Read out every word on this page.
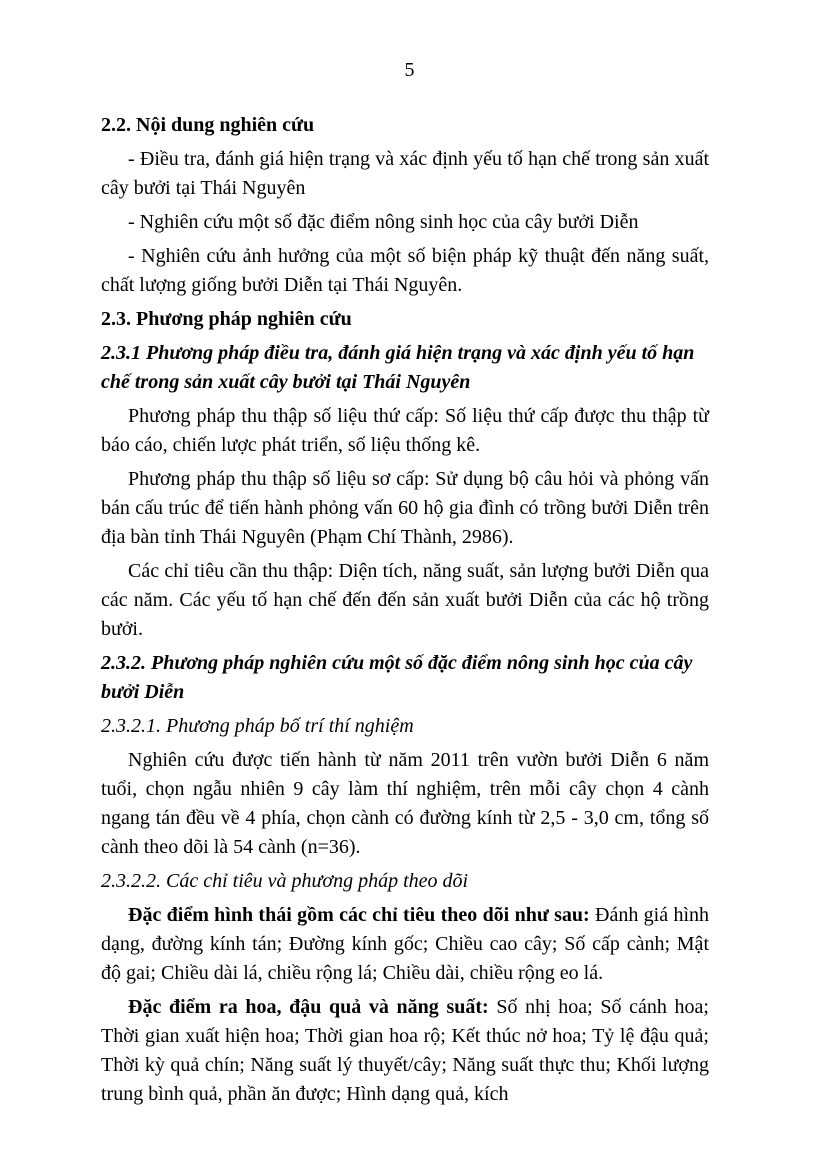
5

2.2. Nội dung nghiên cứu

- Điều tra, đánh giá hiện trạng và xác định yếu tố hạn chế trong sản xuất cây bưởi tại Thái Nguyên

- Nghiên cứu một số đặc điểm nông sinh học của cây bưởi Diễn

- Nghiên cứu ảnh hưởng của một số biện pháp kỹ thuật đến năng suất, chất lượng giống bưởi Diễn tại Thái Nguyên.

2.3. Phương pháp nghiên cứu

2.3.1 Phương pháp điều tra, đánh giá hiện trạng và xác định yếu tố hạn chế trong sản xuất cây bưởi tại Thái Nguyên

Phương pháp thu thập số liệu thứ cấp: Số liệu thứ cấp được thu thập từ báo cáo, chiến lược phát triển, số liệu thống kê.

Phương pháp thu thập số liệu sơ cấp: Sử dụng bộ câu hỏi và phỏng vấn bán cấu trúc để tiến hành phỏng vấn 60 hộ gia đình có trồng bưởi Diễn trên địa bàn tỉnh Thái Nguyên (Phạm Chí Thành, 2986).

Các chỉ tiêu cần thu thập: Diện tích, năng suất, sản lượng bưởi Diễn qua các năm. Các yếu tố hạn chế đến đến sản xuất bưởi Diễn của các hộ trồng bưởi.

2.3.2. Phương pháp nghiên cứu một số đặc điểm nông sinh học của cây bưởi Diễn

2.3.2.1. Phương pháp bố trí thí nghiệm

Nghiên cứu được tiến hành từ năm 2011 trên vườn bưởi Diễn 6 năm tuổi, chọn ngẫu nhiên 9 cây làm thí nghiệm, trên mỗi cây chọn 4 cành ngang tán đều về 4 phía, chọn cành có đường kính từ 2,5 - 3,0 cm, tổng số cành theo dõi là 54 cành (n=36).

2.3.2.2. Các chỉ tiêu và phương pháp theo dõi

Đặc điểm hình thái gồm các chỉ tiêu theo dõi như sau: Đánh giá hình dạng, đường kính tán; Đường kính gốc; Chiều cao cây; Số cấp cành; Mật độ gai; Chiều dài lá, chiều rộng lá; Chiều dài, chiều rộng eo lá.

Đặc điểm ra hoa, đậu quả và năng suất: Số nhị hoa; Số cánh hoa; Thời gian xuất hiện hoa; Thời gian hoa rộ; Kết thúc nở hoa; Tỷ lệ đậu quả; Thời kỳ quả chín; Năng suất lý thuyết/cây; Năng suất thực thu; Khối lượng trung bình quả, phần ăn được; Hình dạng quả, kích
